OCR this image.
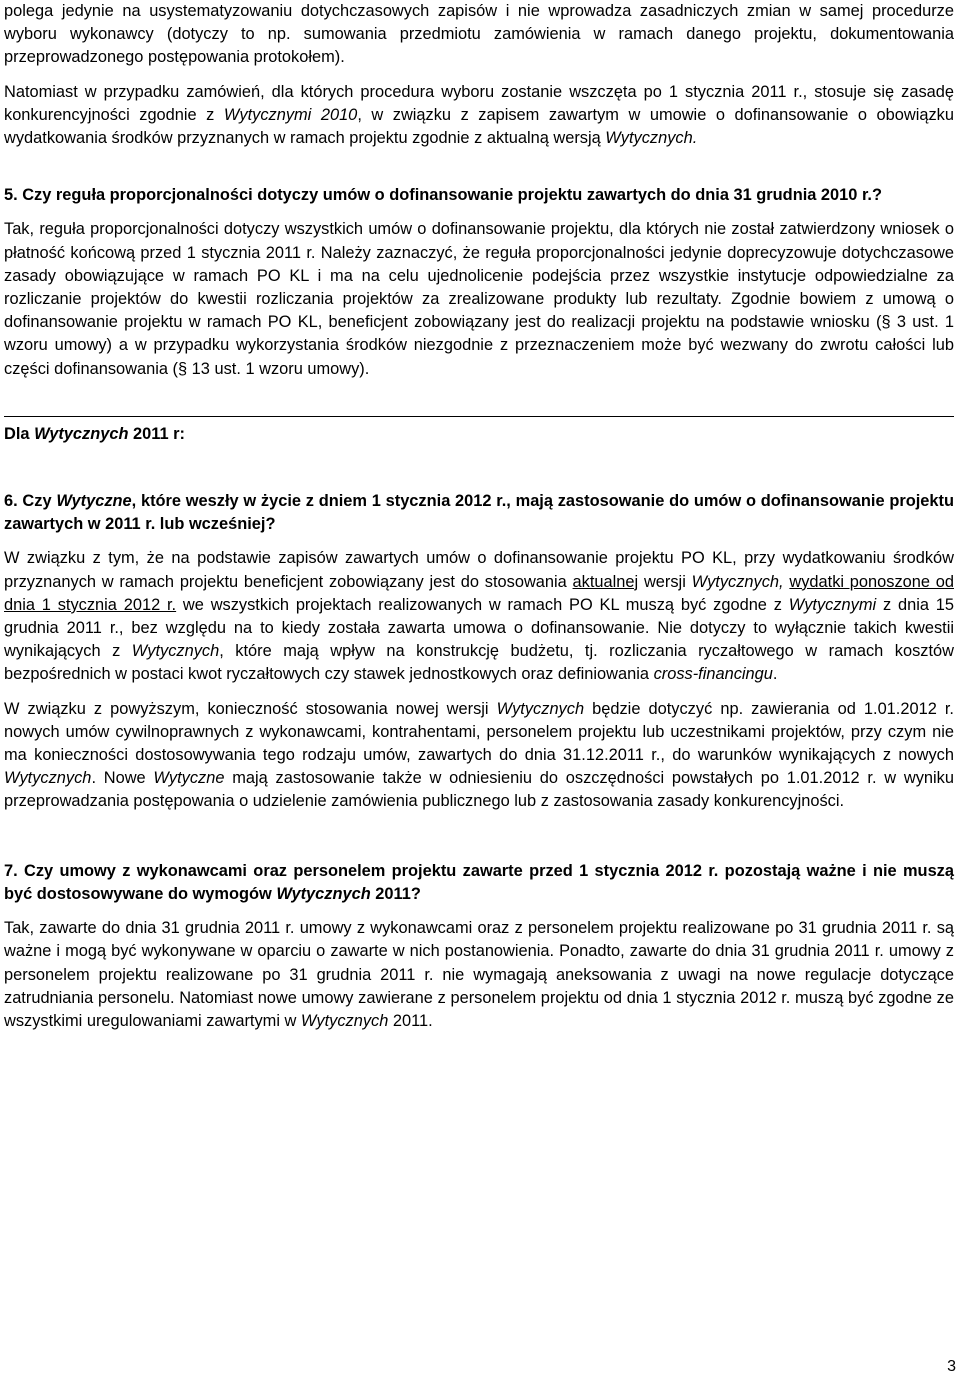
polega jedynie na usystematyzowaniu dotychczasowych zapisów i nie wprowadza zasadniczych zmian w samej procedurze wyboru wykonawcy (dotyczy to np. sumowania przedmiotu zamówienia w ramach danego projektu, dokumentowania przeprowadzonego postępowania protokołem).

Natomiast w przypadku zamówień, dla których procedura wyboru zostanie wszczęta po 1 stycznia 2011 r., stosuje się zasadę konkurencyjności zgodnie z Wytycznymi 2010, w związku z zapisem zawartym w umowie o dofinansowanie o obowiązku wydatkowania środków przyznanych w ramach projektu zgodnie z aktualną wersją Wytycznych.

5. Czy reguła proporcjonalności dotyczy umów o dofinansowanie projektu zawartych do dnia 31 grudnia 2010 r.?

Tak, reguła proporcjonalności dotyczy wszystkich umów o dofinansowanie projektu, dla których nie został zatwierdzony wniosek o płatność końcową przed 1 stycznia 2011 r. Należy zaznaczyć, że reguła proporcjonalności jedynie doprecyzowuje dotychczasowe zasady obowiązujące w ramach PO KL i ma na celu ujednolicenie podejścia przez wszystkie instytucje odpowiedzialne za rozliczanie projektów do kwestii rozliczania projektów za zrealizowane produkty lub rezultaty. Zgodnie bowiem z umową o dofinansowanie projektu w ramach PO KL, beneficjent zobowiązany jest do realizacji projektu na podstawie wniosku (§ 3 ust. 1 wzoru umowy) a w przypadku wykorzystania środków niezgodnie z przeznaczeniem może być wezwany do zwrotu całości lub części dofinansowania (§ 13 ust. 1 wzoru umowy).

Dla Wytycznych 2011 r:

6. Czy Wytyczne, które weszły w życie z dniem 1 stycznia 2012 r., mają zastosowanie do umów o dofinansowanie projektu zawartych w 2011 r. lub wcześniej?

W związku z tym, że na podstawie zapisów zawartych umów o dofinansowanie projektu PO KL, przy wydatkowaniu środków przyznanych w ramach projektu beneficjent zobowiązany jest do stosowania aktualnej wersji Wytycznych, wydatki ponoszone od dnia 1 stycznia 2012 r. we wszystkich projektach realizowanych w ramach PO KL muszą być zgodne z Wytycznymi z dnia 15 grudnia 2011 r., bez względu na to kiedy została zawarta umowa o dofinansowanie. Nie dotyczy to wyłącznie takich kwestii wynikających z Wytycznych, które mają wpływ na konstrukcję budżetu, tj. rozliczania ryczałtowego w ramach kosztów bezpośrednich w postaci kwot ryczałtowych czy stawek jednostkowych oraz definiowania cross-financingu.

W związku z powyższym, konieczność stosowania nowej wersji Wytycznych będzie dotyczyć np. zawierania od 1.01.2012 r. nowych umów cywilnoprawnych z wykonawcami, kontrahentami, personelem projektu lub uczestnikami projektów, przy czym nie ma konieczności dostosowywania tego rodzaju umów, zawartych do dnia 31.12.2011 r., do warunków wynikających z nowych Wytycznych. Nowe Wytyczne mają zastosowanie także w odniesieniu do oszczędności powstałych po 1.01.2012 r. w wyniku przeprowadzania postępowania o udzielenie zamówienia publicznego lub z zastosowania zasady konkurencyjności.

7. Czy umowy z wykonawcami oraz personelem projektu zawarte przed 1 stycznia 2012 r. pozostają ważne i nie muszą być dostosowywane do wymogów Wytycznych 2011?

Tak, zawarte do dnia 31 grudnia 2011 r. umowy z wykonawcami oraz z personelem projektu realizowane po 31 grudnia 2011 r. są ważne i mogą być wykonywane w oparciu o zawarte w nich postanowienia. Ponadto, zawarte do dnia 31 grudnia 2011 r. umowy z personelem projektu realizowane po 31 grudnia 2011 r. nie wymagają aneksowania z uwagi na nowe regulacje dotyczące zatrudniania personelu. Natomiast nowe umowy zawierane z personelem projektu od dnia 1 stycznia 2012 r. muszą być zgodne ze wszystkimi uregulowaniami zawartymi w Wytycznych 2011.

3
